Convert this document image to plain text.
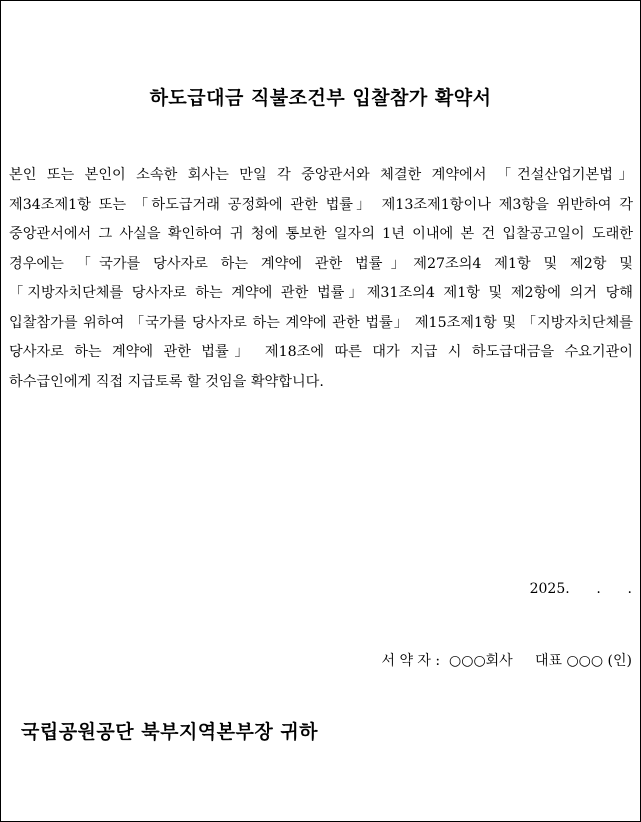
하도급대금 직불조건부 입찰참가 확약서

본인 또는 본인이 소속한 회사는 만일 각 중앙관서와 체결한 계약에서 「건설산업기본법」제34조제1항 또는 「하도급거래 공정화에 관한 법률」 제13조제1항이나 제3항을 위반하여 각 중앙관서에서 그 사실을 확인하여 귀 청에 통보한 일자의 1년 이내에 본 건 입찰공고일이 도래한 경우에는 「국가를 당사자로 하는 계약에 관한 법률」제27조의4 제1항 및 제2항 및 「지방자치단체를 당사자로 하는 계약에 관한 법률」제31조의4 제1항 및 제2항에 의거 당해 입찰참가를 위하여 「국가를 당사자로 하는 계약에 관한 법률」 제15조제1항 및 「지방자치단체를 당사자로 하는 계약에 관한 법률」 제18조에 따른 대가 지급 시 하도급대금을 수요기관이 하수급인에게 직접 지급토록 할 것임을 확약합니다.

2025.      .      .

서 약 자 :  ○○○회사     대표 ○○○ (인)

국립공원공단 북부지역본부장 귀하
